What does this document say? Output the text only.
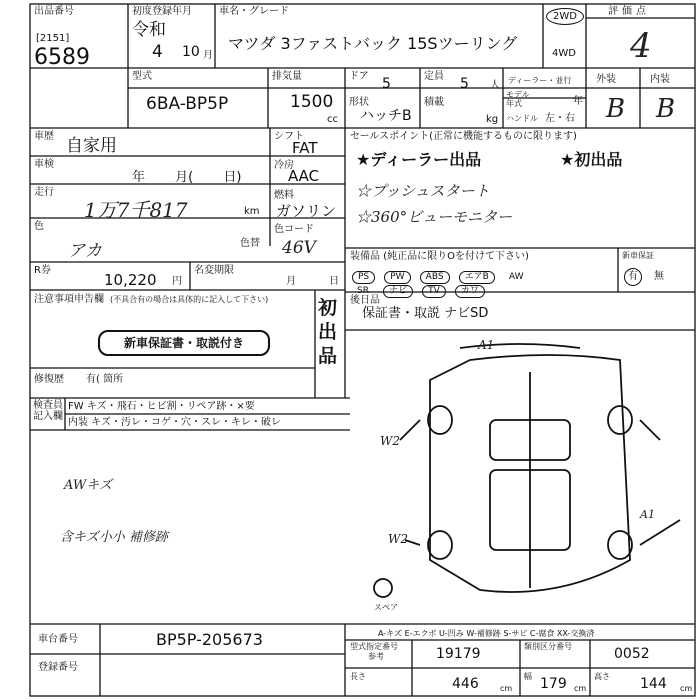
出品番号
[2151]
6589
初度登録年月
令和
4 10 月
車名・グレード
マツダ 3ファストバック 15Sツーリング
2WD
4WD
評価点
4
型式
6BA-BP5P
排気量
1500
cc
ドア 5	定員 5 人
形状
ハッチB
積載
kg
ディーラー・並行
モデル年式	年
ハンドル 左・右
外装	内装
B B
車歴 自家用	シフト
FAT
冷房
AAC
車検
年 月( 日)
走行
1万7千817	km
燃料
ガソリン
色
アカ
色コード
46V
色替
R券
10,220 円
名変期限
月 日
注意事項申告欄 (不具合有の場合は具体的に記入して下さい)
新車保証書・取説付き
初出品
修復歴 有( 箇所
検査員記入欄
FW キズ・飛石・ヒビ割・リペア跡・×要
内装 キズ・汚レ・コゲ・穴・スレ・キレ・破レ
AWキズ
含キズ小小 補修跡
セールスポイント(正常に機能するものに限ります)
★ディーラー出品	★初出品
☆プッシュスタート
☆360°ビューモニター
装備品 (純正品に限りOを付けて下さい)
PS PW ABS エアB AW
SR ナビ TV カワ
新車保証
有	無
後日品
保証書・取説 ナビSD
A1
W2
W2
A1
スペア
A-キズ E-エクボ U-凹み W-補修跡 S-サビ C-腐食 XX-交換済
車台番号	BP5P-205673
登録番号
型式指定番号
参考	19179	類別区分番号	0052
長さ	446	cm
幅 179 cm
高さ 144 cm
